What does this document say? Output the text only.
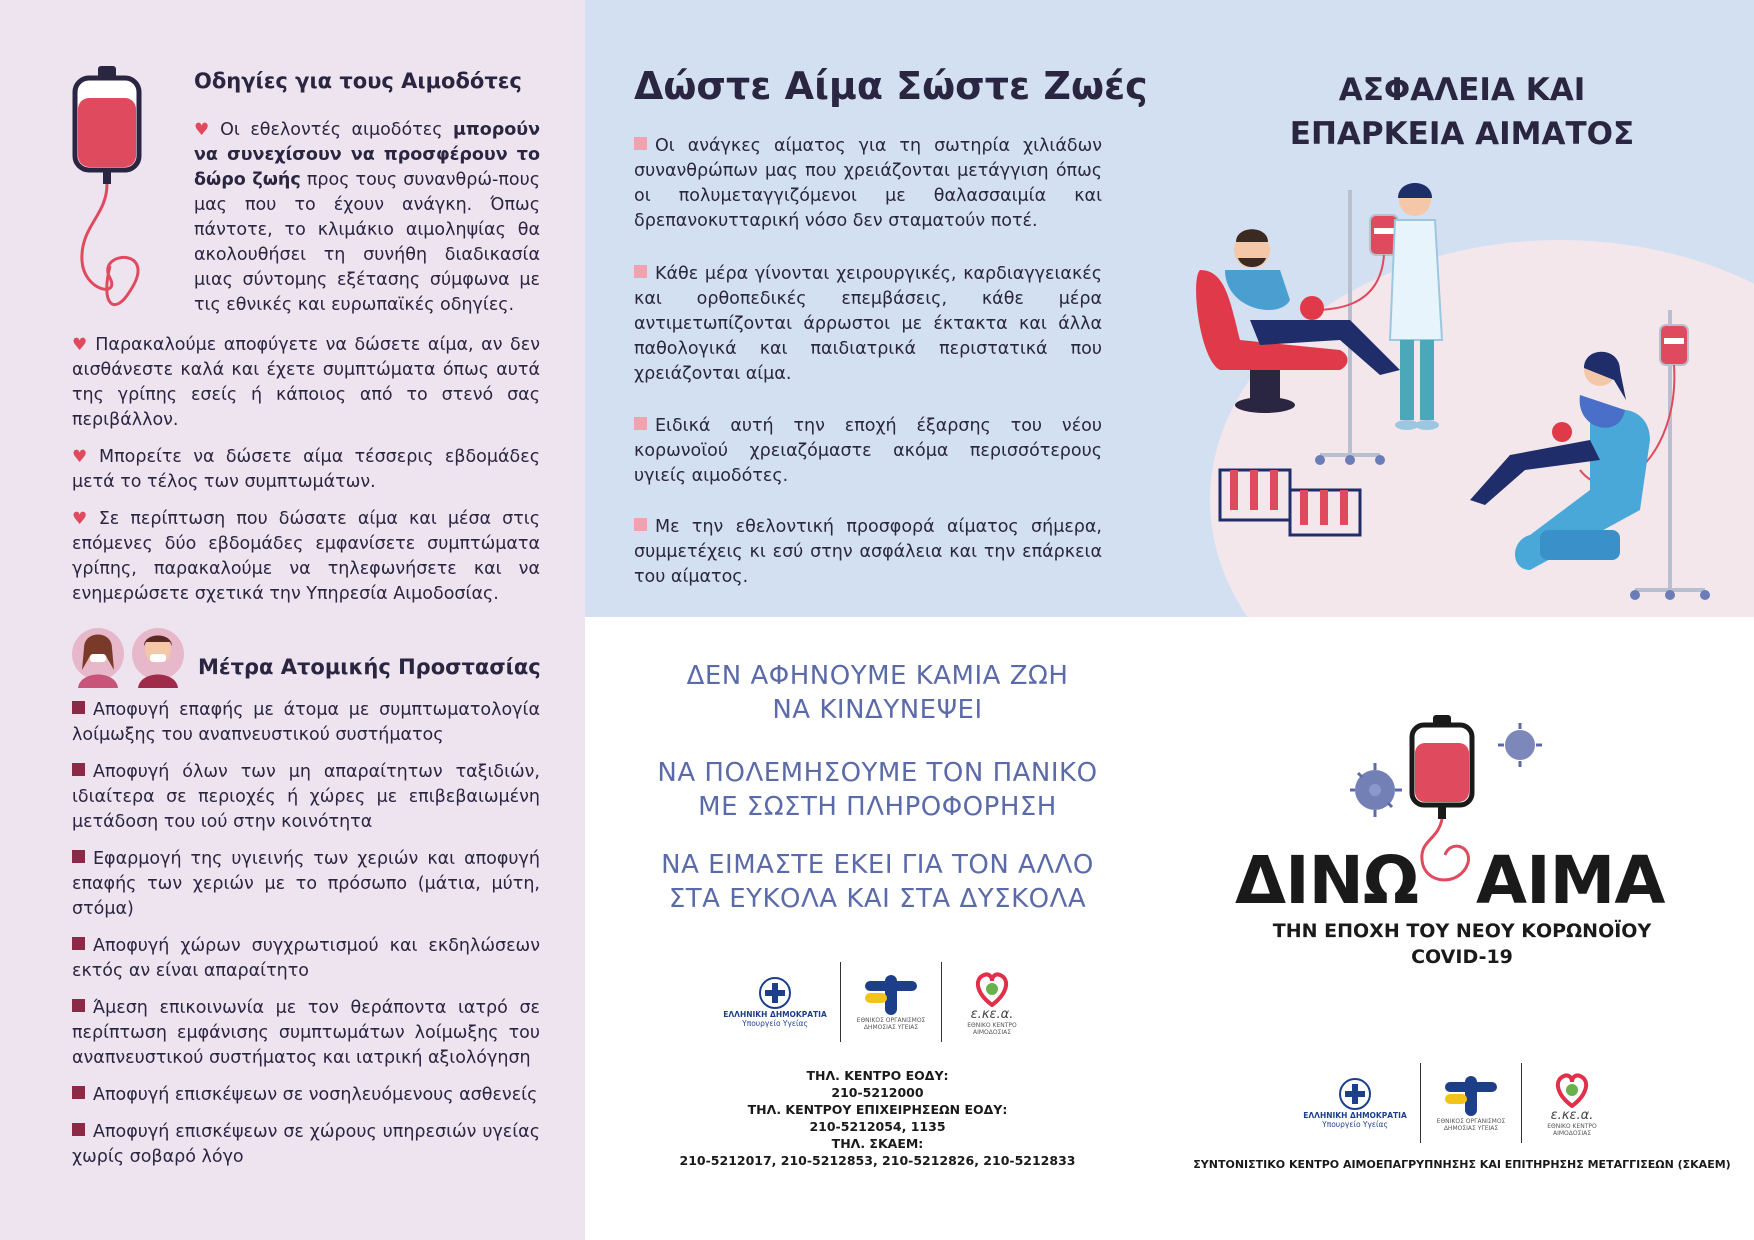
Οδηγίες για τους Αιμοδότες

♥ Οι εθελοντές αιμοδότες μπορούν να συνεχίσουν να προσφέρουν το δώρο ζωής προς τους συνανθρώ-πους μας που το έχουν ανάγκη. Όπως πάντοτε, το κλιμάκιο αιμοληψίας θα ακολουθήσει τη συνήθη διαδικασία μιας σύντομης εξέτασης σύμφωνα με τις εθνικές και ευρωπαϊκές οδηγίες.

♥ Παρακαλούμε αποφύγετε να δώσετε αίμα, αν δεν αισθάνεστε καλά και έχετε συμπτώματα όπως αυτά της γρίπης εσείς ή κάποιος από το στενό σας περιβάλλον.

♥ Μπορείτε να δώσετε αίμα τέσσερις εβδομάδες μετά το τέλος των συμπτωμάτων.

♥ Σε περίπτωση που δώσατε αίμα και μέσα στις επόμενες δύο εβδομάδες εμφανίσετε συμπτώματα γρίπης, παρακαλούμε να τηλεφωνήσετε και να ενημερώσετε σχετικά την Υπηρεσία Αιμοδοσίας.

Μέτρα Ατομικής Προστασίας

Αποφυγή επαφής με άτομα με συμπτωματολογία λοίμωξης του αναπνευστικού συστήματος

Αποφυγή όλων των μη απαραίτητων ταξιδιών, ιδιαίτερα σε περιοχές ή χώρες με επιβεβαιωμένη μετάδοση του ιού στην κοινότητα

Εφαρμογή της υγιεινής των χεριών και αποφυγή επαφής των χεριών με το πρόσωπο (μάτια, μύτη, στόμα)

Αποφυγή χώρων συγχρωτισμού και εκδηλώσεων εκτός αν είναι απαραίτητο

Άμεση επικοινωνία με τον θεράποντα ιατρό σε περίπτωση εμφάνισης συμπτωμάτων λοίμωξης του αναπνευστικού συστήματος και ιατρική αξιολόγηση

Αποφυγή επισκέψεων σε νοσηλευόμενους ασθενείς

Αποφυγή επισκέψεων σε χώρους υπηρεσιών υγείας χωρίς σοβαρό λόγο

Δώστε Αίμα Σώστε Ζωές

Οι ανάγκες αίματος για τη σωτηρία χιλιάδων συνανθρώπων μας που χρειάζονται μετάγγιση όπως οι πολυμεταγγιζόμενοι με θαλασσαιμία και δρεπανοκυτταρική νόσο δεν σταματούν ποτέ.

Κάθε μέρα γίνονται χειρουργικές, καρδιαγγειακές και ορθοπεδικές επεμβάσεις, κάθε μέρα αντιμετωπίζονται άρρωστοι με έκτακτα και άλλα παθολογικά και παιδιατρικά περιστατικά που χρειάζονται αίμα.

Ειδικά αυτή την εποχή έξαρσης του νέου κορωνοϊού χρειαζόμαστε ακόμα περισσότερους υγιείς αιμοδότες.

Με την εθελοντική προσφορά αίματος σήμερα, συμμετέχεις κι εσύ στην ασφάλεια και την επάρκεια του αίματος.

ΔΕΝ ΑΦΗΝΟΥΜΕ ΚΑΜΙΑ ΖΩΗ
ΝΑ ΚΙΝΔΥΝΕΨΕΙ
ΝΑ ΠΟΛΕΜΗΣΟΥΜΕ ΤΟΝ ΠΑΝΙΚΟ
ΜΕ ΣΩΣΤΗ ΠΛΗΡΟΦΟΡΗΣΗ
ΝΑ ΕΙΜΑΣΤΕ ΕΚΕΙ ΓΙΑ ΤΟΝ ΑΛΛΟ
ΣΤΑ ΕΥΚΟΛΑ ΚΑΙ ΣΤΑ ΔΥΣΚΟΛΑ
ΕΛΛΗΝΙΚΗ ΔΗΜΟΚΡΑΤΙΑ
Υπουργείο Υγείας	ΕΘΝΙΚΟΣ ΟΡΓΑΝΙΣΜΟΣ
ΔΗΜΟΣΙΑΣ ΥΓΕΙΑΣ
ε.κε.α.
ΕΘΝΙΚΟ ΚΕΝΤΡΟ ΑΙΜΟΔΟΣΙΑΣ
ΤΗΛ. ΚΕΝΤΡΟ ΕΟΔΥ:
210-5212000
ΤΗΛ. ΚΕΝΤΡΟΥ ΕΠΙΧΕΙΡΗΣΕΩΝ ΕΟΔΥ:
210-5212054, 1135
ΤΗΛ. ΣΚΑΕΜ:
210-5212017, 210-5212853, 210-5212826, 210-5212833
ΑΣΦΑΛΕΙΑ ΚΑΙ
ΕΠΑΡΚΕΙΑ ΑΙΜΑΤΟΣ
ΔΙΝΩ ΑΙΜΑ
ΤΗΝ ΕΠΟΧΗ ΤΟΥ ΝΕΟΥ ΚΟΡΩΝΟΪΟΥ
COVID-19
ΕΛΛΗΝΙΚΗ ΔΗΜΟΚΡΑΤΙΑ
Υπουργείο Υγείας	ΕΘΝΙΚΟΣ ΟΡΓΑΝΙΣΜΟΣ
ΔΗΜΟΣΙΑΣ ΥΓΕΙΑΣ
ε.κε.α.
ΕΘΝΙΚΟ ΚΕΝΤΡΟ ΑΙΜΟΔΟΣΙΑΣ
ΣΥΝΤΟΝΙΣΤΙΚΟ ΚΕΝΤΡΟ ΑΙΜΟΕΠΑΓΡΥΠΝΗΣΗΣ ΚΑΙ ΕΠΙΤΗΡΗΣΗΣ ΜΕΤΑΓΓΙΣΕΩΝ (ΣΚΑΕΜ)
